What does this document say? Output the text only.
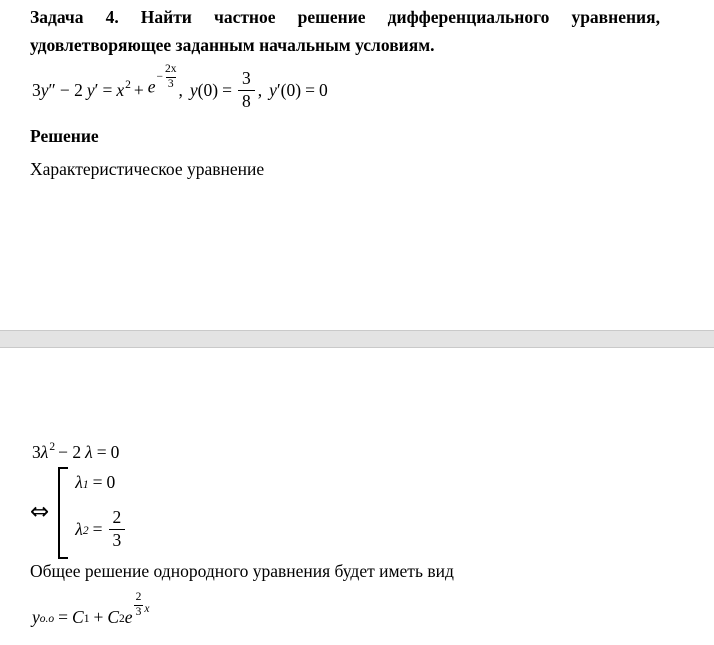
Задача 4. Найти частное решение дифференциального уравнения,
удовлетворяющее заданным начальным условиям.
3 y ″ − 2 y ′ = $x^2 + e - \frac{2x}{3}$ , y $(0) = \frac{3}{8}$ , y ′ (0) = 0
Решение
Характеристическое уравнение
3 $\lambda^2 - 2$ λ = 0
⇔
$\lambda_1 = 0$
$\lambda_2 = \frac{2}{3}$
Общее решение однородного уравнения будет иметь вид
$y_{о.о} = C_1 + C_2$ e
2
3 x
